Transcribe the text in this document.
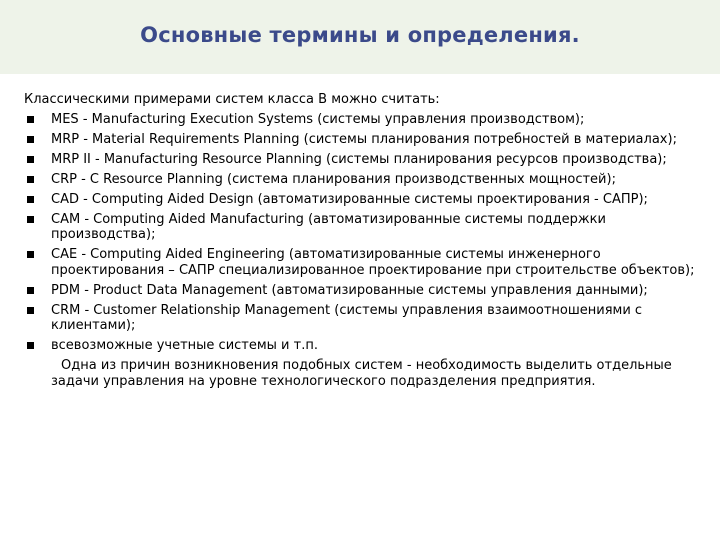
Основные термины и определения.

Классическими примерами систем класса В можно считать:

MES - Manufacturing Execution Systems (системы управления производством);
MRP - Material Requirements Planning (системы планирования потребностей в материалах);
MRP II - Manufacturing Resource Planning (системы планирования ресурсов производства);
CRP - C Resource Planning (система планирования производственных мощностей);
CAD - Computing Aided Design (автоматизированные системы проектирования - САПР);
CAM - Computing Aided Manufacturing (автоматизированные системы поддержки производства);
CAE - Computing Aided Engineering (автоматизированные системы инженерного проектирования – САПР специализированное проектирование при строительстве объектов);
PDM - Product Data Management (автоматизированные системы управления данными);
CRM - Customer Relationship Management (системы управления взаимоотношениями с клиентами);
всевозможные учетные системы и т.п.

Одна из причин возникновения подобных систем - необходимость выделить отдельные задачи управления на уровне технологического подразделения предприятия.
